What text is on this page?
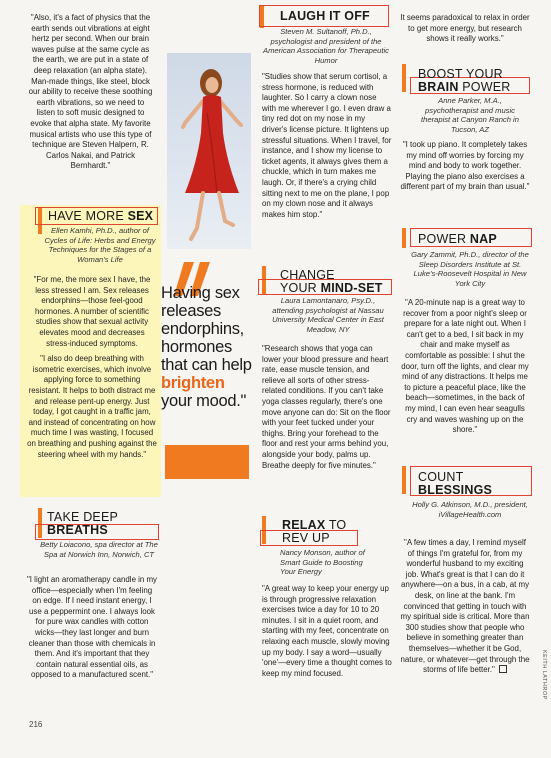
"Also, it's a fact of physics that the earth sends out vibrations at eight hertz per second. When our brain waves pulse at the same cycle as the earth, we are put in a state of deep relaxation (an alpha state). Man-made things, like steel, block our ability to receive these soothing earth vibrations, so we need to listen to soft music designed to evoke that alpha state. My favorite musical artists who use this type of technique are Steven Halpern, R. Carlos Nakai, and Patrick Bernhardt."

HAVE MORE SEX
Ellen Kamhi, Ph.D., author of Cycles of Life: Herbs and Energy Techniques for the Stages of a Woman's Life

"For me, the more sex I have, the less stressed I am. Sex releases endorphins—those feel-good hormones. A number of scientific studies show that sexual activity elevates mood and decreases stress-induced symptoms.

"I also do deep breathing with isometric exercises, which involve applying force to something resistant. It helps to both distract me and release pent-up energy. Just today, I got caught in a traffic jam, and instead of concentrating on how much time I was wasting, I focused on breathing and pushing against the steering wheel with my hands."

TAKE DEEP
BREATHS
Betty Loiacono, spa director at The Spa at Norwich Inn, Norwich, CT

"I light an aromatherapy candle in my office—especially when I'm feeling on edge. If I need instant energy, I use a peppermint one. I always look for pure wax candles with cotton wicks—they last longer and burn cleaner than those with chemicals in them. And it's important that they contain natural essential oils, as opposed to a manufactured scent."

216
Having sex releases endorphins, hormones that can help brighten your mood."
LAUGH IT OFF
Steven M. Sultanoff, Ph.D., psychologist and president of the American Association for Therapeutic Humor

"Studies show that serum cortisol, a stress hormone, is reduced with laughter. So I carry a clown nose with me wherever I go. I even draw a tiny red dot on my nose in my driver's license picture. It lightens up stressful situations. When I travel, for instance, and I show my license to ticket agents, it always gives them a chuckle, which in turn makes me laugh. Or, if there's a crying child sitting next to me on the plane, I pop on my clown nose and it always makes him stop."

CHANGE
YOUR MIND-SET
Laura Lamontanaro, Psy.D., attending psychologist at Nassau University Medical Center in East Meadow, NY

"Research shows that yoga can lower your blood pressure and heart rate, ease muscle tension, and relieve all sorts of other stress-related conditions. If you can't take yoga classes regularly, there's one move anyone can do: Sit on the floor with your feet tucked under your thighs. Bring your forehead to the floor and rest your arms behind you, alongside your body, palms up. Breathe deeply for five minutes."

RELAX TO
REV UP
Nancy Monson, author of Smart Guide to Boosting Your Energy

"A great way to keep your energy up is through progressive relaxation exercises twice a day for 10 to 20 minutes. I sit in a quiet room, and starting with my feet, concentrate on relaxing each muscle, slowly moving up my body. I say a word—usually 'one'—every time a thought comes to keep my mind focused.

It seems paradoxical to relax in order to get more energy, but research shows it really works."

BOOST YOUR
BRAIN POWER
Anne Parker, M.A., psychotherapist and music therapist at Canyon Ranch in Tucson, AZ

"I took up piano. It completely takes my mind off worries by forcing my mind and body to work together. Playing the piano also exercises a different part of my brain than usual."

POWER NAP
Gary Zammit, Ph.D., director of the Sleep Disorders Institute at St. Luke's-Roosevelt Hospital in New York City

"A 20-minute nap is a great way to recover from a poor night's sleep or prepare for a late night out. When I can't get to a bed, I sit back in my chair and make myself as comfortable as possible: I shut the door, turn off the lights, and clear my mind of any distractions. It helps me to picture a peaceful place, like the beach—sometimes, in the back of my mind, I can even hear seagulls cry and waves washing up on the shore."

COUNT
BLESSINGS
Holly G. Atkinson, M.D., president, iVillageHealth.com

"A few times a day, I remind myself of things I'm grateful for, from my wonderful husband to my exciting job. What's great is that I can do it anywhere—on a bus, in a cab, at my desk, on line at the bank. I'm convinced that getting in touch with my spiritual side is critical. More than 300 studies show that people who believe in something greater than themselves—whether it be God, nature, or whatever—get through the storms of life better."	KEITH LATHROP
